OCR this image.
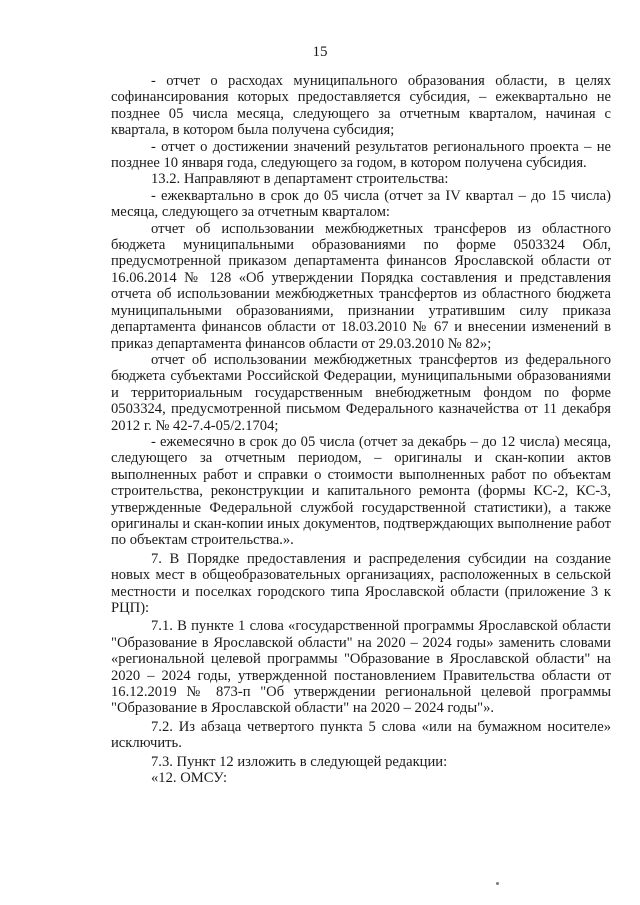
15

- отчет о расходах муниципального образования области, в целях софинансирования которых предоставляется субсидия, – ежеквартально не позднее 05 числа месяца, следующего за отчетным кварталом, начиная с квартала, в котором была получена субсидия;

- отчет о достижении значений результатов регионального проекта – не позднее 10 января года, следующего за годом, в котором получена субсидия.

13.2. Направляют в департамент строительства:

- ежеквартально в срок до 05 числа (отчет за IV квартал – до 15 числа) месяца, следующего за отчетным кварталом:

отчет об использовании межбюджетных трансферов из областного бюджета муниципальными образованиями по форме 0503324 Обл, предусмотренной приказом департамента финансов Ярославской области от 16.06.2014 № 128 «Об утверждении Порядка составления и представления отчета об использовании межбюджетных трансфертов из областного бюджета муниципальными образованиями, признании утратившим силу приказа департамента финансов области от 18.03.2010 № 67 и внесении изменений в приказ департамента финансов области от 29.03.2010 № 82»;

отчет об использовании межбюджетных трансфертов из федерального бюджета субъектами Российской Федерации, муниципальными образованиями и территориальным государственным внебюджетным фондом по форме 0503324, предусмотренной письмом Федерального казначейства от 11 декабря 2012 г. № 42-7.4-05/2.1704;

- ежемесячно в срок до 05 числа (отчет за декабрь – до 12 числа) месяца, следующего за отчетным периодом, – оригиналы и скан-копии актов выполненных работ и справки о стоимости выполненных работ по объектам строительства, реконструкции и капитального ремонта (формы КС-2, КС-3, утвержденные Федеральной службой государственной статистики), а также оригиналы и скан-копии иных документов, подтверждающих выполнение работ по объектам строительства.».

7. В Порядке предоставления и распределения субсидии на создание новых мест в общеобразовательных организациях, расположенных в сельской местности и поселках городского типа Ярославской области (приложение 3 к РЦП):

7.1. В пункте 1 слова «государственной программы Ярославской области "Образование в Ярославской области" на 2020 – 2024 годы» заменить словами «региональной целевой программы "Образование в Ярославской области" на 2020 – 2024 годы, утвержденной постановлением Правительства области от 16.12.2019 № 873-п "Об утверждении региональной целевой программы "Образование в Ярославской области" на 2020 – 2024 годы"».

7.2. Из абзаца четвертого пункта 5 слова «или на бумажном носителе» исключить.

7.3. Пункт 12 изложить в следующей редакции:

«12. ОМСУ:
